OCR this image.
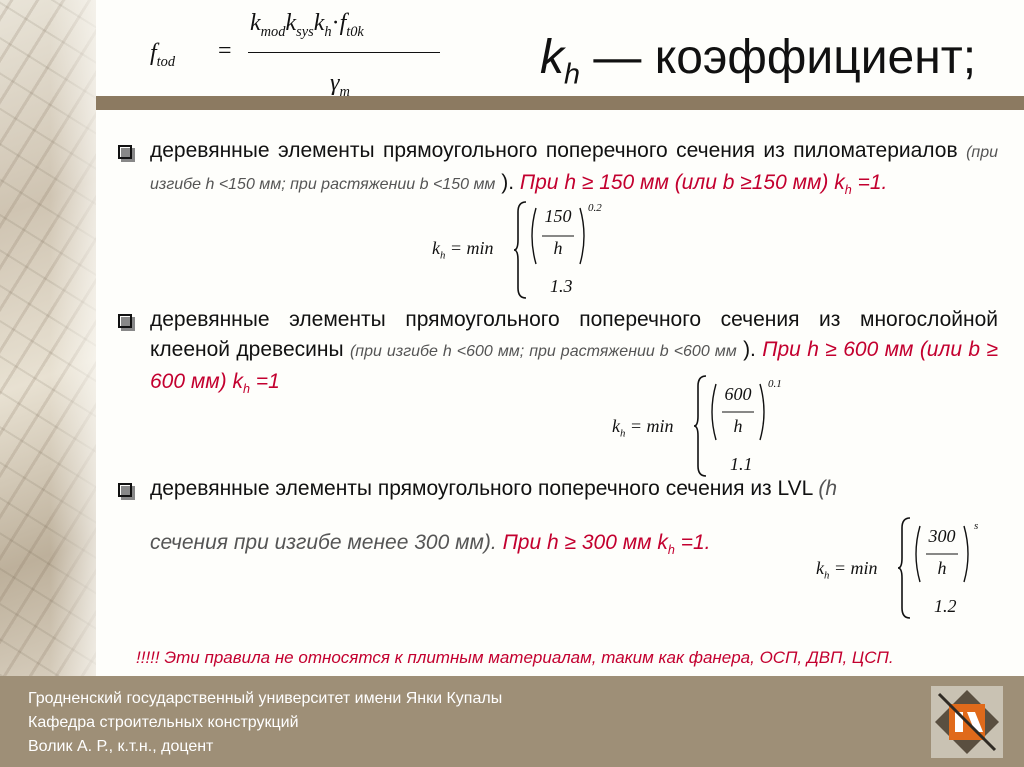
$f_{tod}$ =
$k_{mod}k_{sys}k_h\cdot f_{t0k}$
$\gamma_m$
$k_h$ — коэффициент;
деревянные элементы прямоугольного поперечного сечения из пиломатериалов (при изгибе h <150 мм; при растяжении b <150 мм ). При h ≥ 150 мм (или b ≥150 мм) $k_h =1$.
$k_h = \min$
150
h
0.2
1.3
деревянные элементы прямоугольного поперечного сечения из многослойной клееной древесины (при изгибе h <600 мм; при растяжении b <600 мм ). При h ≥ 600 мм (или b ≥ 600 мм) $k_h =1$
$k_h = \min$
600
h
0.1
1.1
деревянные элементы прямоугольного поперечного сечения из LVL (h
сечения при изгибе менее 300 мм). При h ≥ 300 мм $k_h =1$.
$k_h = \min$
300
h
s
1.2
!!!!! Эти правила не относятся к плитным материалам, таким как фанера, ОСП, ДВП, ЦСП.
Гродненский государственный университет имени Янки Купалы
Кафедра строительных конструкций
Волик А. Р., к.т.н., доцент
